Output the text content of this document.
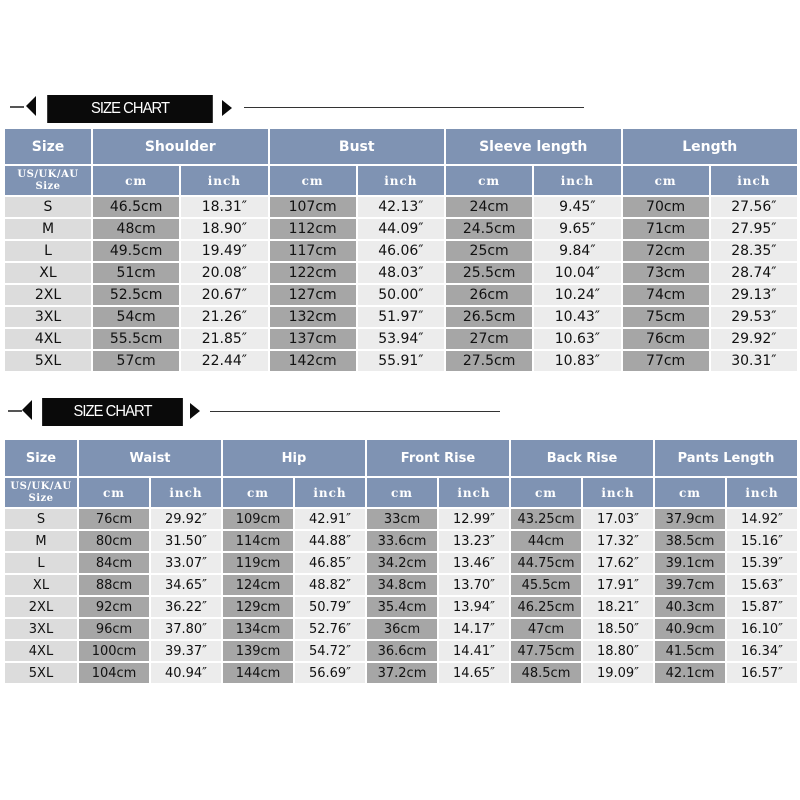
SIZE CHART
Size	Shoulder		Bust		Sleeve length		Length	
US/UK/AU Size	cm	inch	cm	inch	cm	inch	cm	inch
S	46.5cm	18.31″	107cm	42.13″	24cm	9.45″	70cm	27.56″
M	48cm	18.90″	112cm	44.09″	24.5cm	9.65″	71cm	27.95″
L	49.5cm	19.49″	117cm	46.06″	25cm	9.84″	72cm	28.35″
XL	51cm	20.08″	122cm	48.03″	25.5cm	10.04″	73cm	28.74″
2XL	52.5cm	20.67″	127cm	50.00″	26cm	10.24″	74cm	29.13″
3XL	54cm	21.26″	132cm	51.97″	26.5cm	10.43″	75cm	29.53″
4XL	55.5cm	21.85″	137cm	53.94″	27cm	10.63″	76cm	29.92″
5XL	57cm	22.44″	142cm	55.91″	27.5cm	10.83″	77cm	30.31″
SIZE CHART
Size	Waist		Hip		Front Rise		Back Rise		Pants Length	
US/UK/AU Size	cm	inch	cm	inch	cm	inch	cm	inch	cm	inch
S	76cm	29.92″	109cm	42.91″	33cm	12.99″	43.25cm	17.03″	37.9cm	14.92″
M	80cm	31.50″	114cm	44.88″	33.6cm	13.23″	44cm	17.32″	38.5cm	15.16″
L	84cm	33.07″	119cm	46.85″	34.2cm	13.46″	44.75cm	17.62″	39.1cm	15.39″
XL	88cm	34.65″	124cm	48.82″	34.8cm	13.70″	45.5cm	17.91″	39.7cm	15.63″
2XL	92cm	36.22″	129cm	50.79″	35.4cm	13.94″	46.25cm	18.21″	40.3cm	15.87″
3XL	96cm	37.80″	134cm	52.76″	36cm	14.17″	47cm	18.50″	40.9cm	16.10″
4XL	100cm	39.37″	139cm	54.72″	36.6cm	14.41″	47.75cm	18.80″	41.5cm	16.34″
5XL	104cm	40.94″	144cm	56.69″	37.2cm	14.65″	48.5cm	19.09″	42.1cm	16.57″
